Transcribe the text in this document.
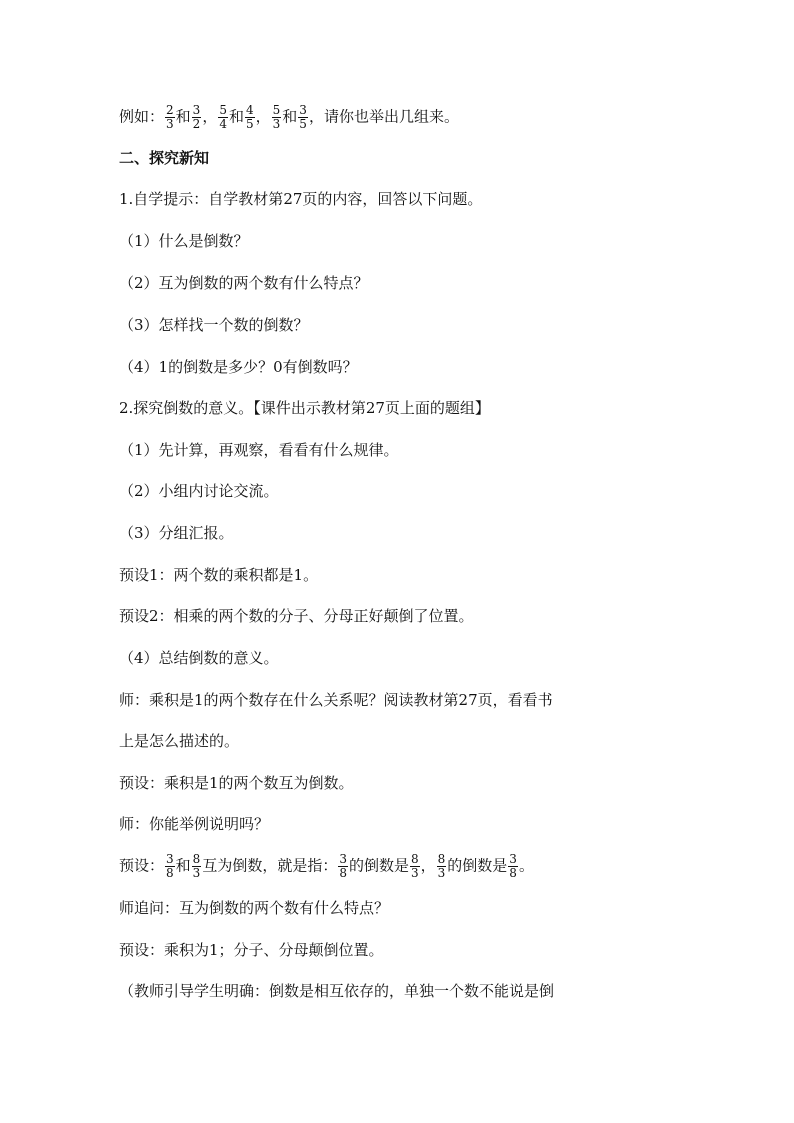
例如： $\frac{2}{3}$ 和 $\frac{3}{2}$ ， $\frac{5}{4}$ 和 $\frac{4}{5}$ ， $\frac{5}{3}$ 和 $\frac{3}{5}$ ，请你也举出几组来。
二、探究新知
1.自学提示：自学教材第27页的内容，回答以下问题。
（1）什么是倒数？
（2）互为倒数的两个数有什么特点？
（3）怎样找一个数的倒数？
（4）1的倒数是多少？0有倒数吗？
2.探究倒数的意义。【课件出示教材第27页上面的题组】
（1）先计算，再观察，看看有什么规律。
（2）小组内讨论交流。
（3）分组汇报。
预设1：两个数的乘积都是1。
预设2：相乘的两个数的分子、分母正好颠倒了位置。
（4）总结倒数的意义。
师：乘积是1的两个数存在什么关系呢？阅读教材第27页，看看书
上是怎么描述的。
预设：乘积是1的两个数互为倒数。
师：你能举例说明吗？
预设： $\frac{3}{8}$ 和 $\frac{8}{3}$ 互为倒数，就是指： $\frac{3}{8}$ 的倒数是 $\frac{8}{3}$ ， $\frac{8}{3}$ 的倒数是 $\frac{3}{8}$ 。
师追问：互为倒数的两个数有什么特点？
预设：乘积为1；分子、分母颠倒位置。
（教师引导学生明确：倒数是相互依存的，单独一个数不能说是倒
